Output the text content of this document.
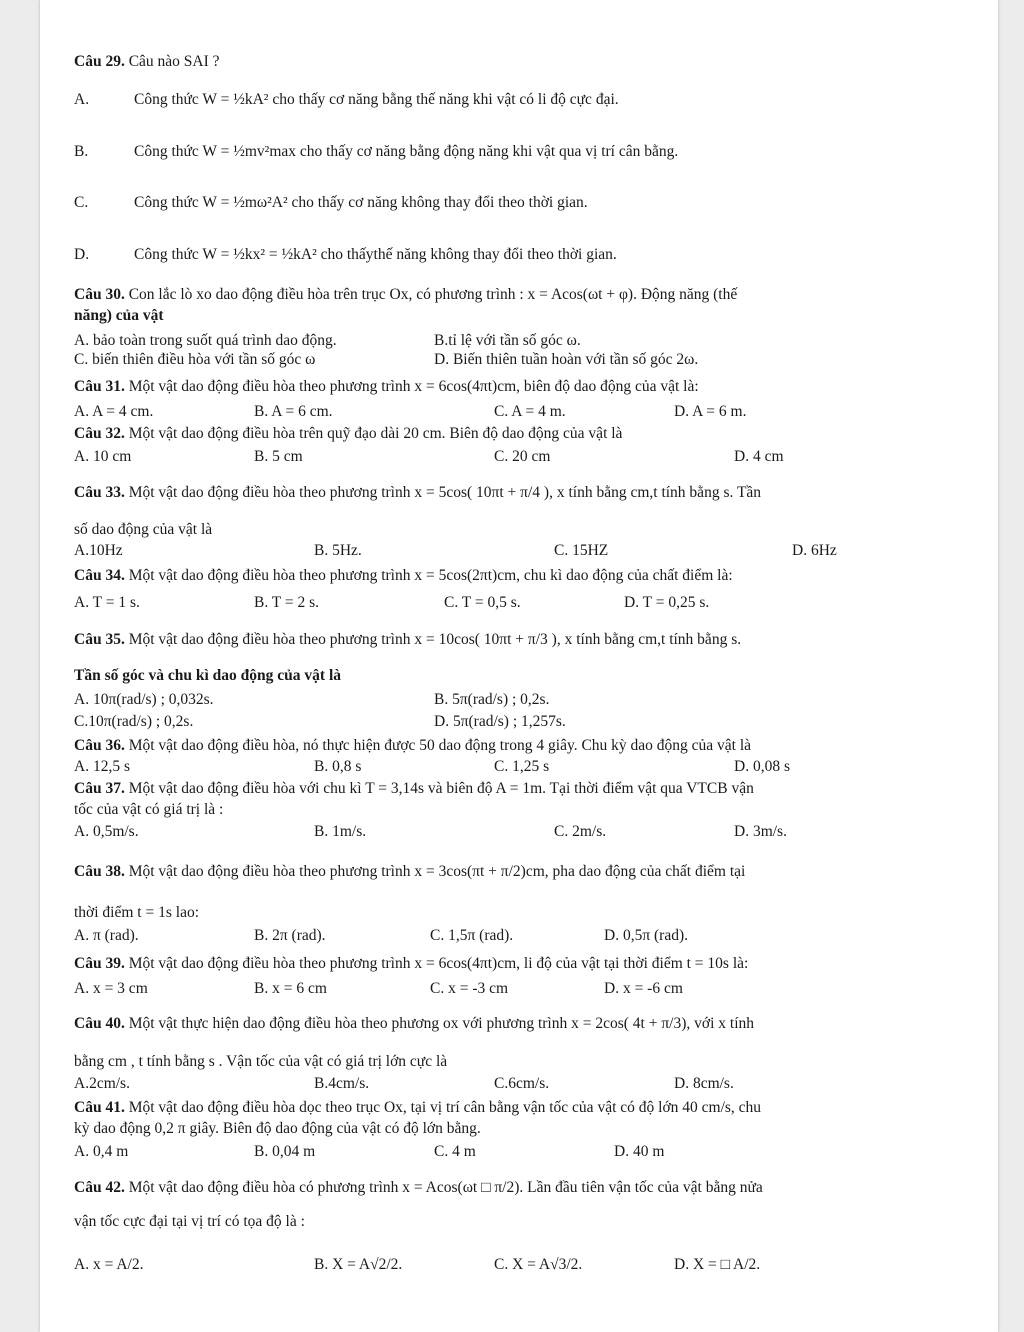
Câu 29. Câu nào SAI ?
A.	Công thức W = ½kA² cho thấy cơ năng bằng thế năng khi vật có li độ cực đại.
B.	Công thức W = ½mv²max cho thấy cơ năng bằng động năng khi vật qua vị trí cân bằng.
C.	Công thức W = ½mω²A² cho thấy cơ năng không thay đổi theo thời gian.
D.	Công thức W = ½kx² = ½kA² cho thấythế năng không thay đổi theo thời gian.
Câu 30. Con lắc lò xo dao động điều hòa trên trục Ox, có phương trình : x = Acos(ωt + φ). Động năng (thế
năng) của vật
A. bảo toàn trong suốt quá trình dao động.	B.tỉ lệ với tần số góc ω.
C. biến thiên điều hòa với tần số góc ω	D. Biến thiên tuần hoàn với tần số góc 2ω.
Câu 31. Một vật dao động điều hòa theo phương trình x = 6cos(4πt)cm, biên độ dao động của vật là:
A. A = 4 cm.	B. A = 6 cm.	C. A = 4 m.	D. A = 6 m.
Câu 32. Một vật dao động điều hòa trên quỹ đạo dài 20 cm. Biên độ dao động của vật là
A. 10 cm	B. 5 cm	C. 20 cm	D. 4 cm
Câu 33. Một vật dao động điều hòa theo phương trình x = 5cos( 10πt + π/4 ), x tính bằng cm,t tính bằng s. Tần
số dao động của vật là
A.10Hz	B. 5Hz.	C. 15HZ	D. 6Hz
Câu 34. Một vật dao động điều hòa theo phương trình x = 5cos(2πt)cm, chu kì dao động của chất điểm là:
A. T = 1 s.	B. T = 2 s.	C. T = 0,5 s.	D. T = 0,25 s.
Câu 35. Một vật dao động điều hòa theo phương trình x = 10cos( 10πt + π/3 ), x tính bằng cm,t tính bằng s.
Tần số góc và chu kì dao động của vật là
A. 10π(rad/s) ; 0,032s.	B. 5π(rad/s) ; 0,2s.
C.10π(rad/s) ; 0,2s.	D. 5π(rad/s) ; 1,257s.
Câu 36. Một vật dao động điều hòa, nó thực hiện được 50 dao động trong 4 giây. Chu kỳ dao động của vật là
A. 12,5 s	B. 0,8 s	C. 1,25 s	D. 0,08 s
Câu 37. Một vật dao động điều hòa với chu kì T = 3,14s và biên độ A = 1m. Tại thời điểm vật qua VTCB vận
tốc của vật có giá trị là :
A. 0,5m/s.	B. 1m/s.	C. 2m/s.	D. 3m/s.
Câu 38. Một vật dao động điều hòa theo phương trình x = 3cos(πt + π/2)cm, pha dao động của chất điểm tại
thời điểm t = 1s lao:
A. π (rad).	B. 2π (rad).	C. 1,5π (rad).	D. 0,5π (rad).
Câu 39. Một vật dao động điều hòa theo phương trình x = 6cos(4πt)cm, li độ của vật tại thời điểm t = 10s là:
A. x = 3 cm	B. x = 6 cm	C. x = -3 cm	D. x = -6 cm
Câu 40. Một vật thực hiện dao động điều hòa theo phương ox với phương trình x = 2cos( 4t + π/3), với x tính
bằng cm , t tính bằng s . Vận tốc của vật có giá trị lớn cực là
A.2cm/s.	B.4cm/s.	C.6cm/s.	D. 8cm/s.
Câu 41. Một vật dao động điều hòa dọc theo trục Ox, tại vị trí cân bằng vận tốc của vật có độ lớn 40 cm/s, chu
kỳ dao động 0,2 π giây. Biên độ dao động của vật có độ lớn bằng.
A. 0,4 m	B. 0,04 m	C. 4 m	D. 40 m
Câu 42. Một vật dao động điều hòa có phương trình x = Acos(ωt □ π/2). Lần đầu tiên vận tốc của vật bằng nửa
vận tốc cực đại tại vị trí có tọa độ là :
A. x = A/2.	B. X = A√2/2.	C. X = A√3/2.	D. X = □ A/2.
